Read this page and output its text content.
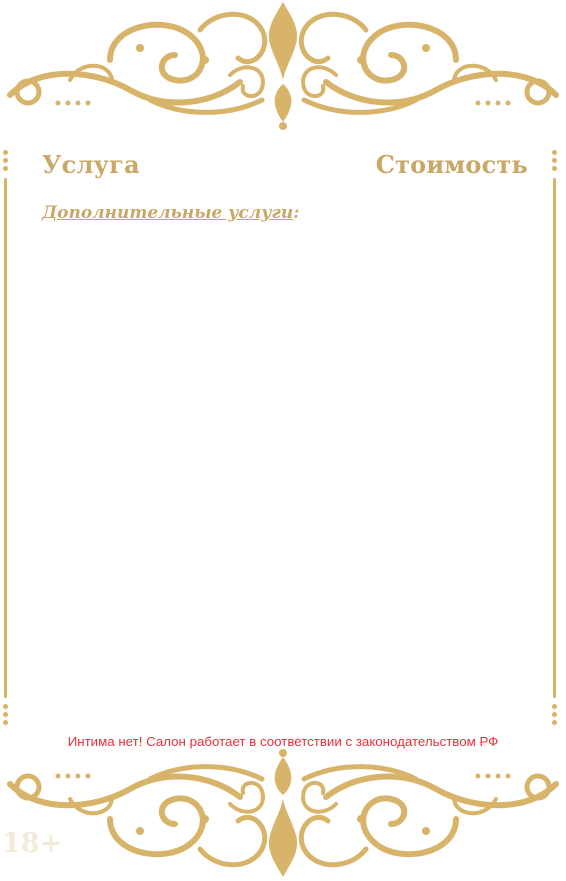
Услуга	Стоимость
Дополнительные услуги:
Интима нет! Салон работает в соответствии с законодательством РФ
18+
